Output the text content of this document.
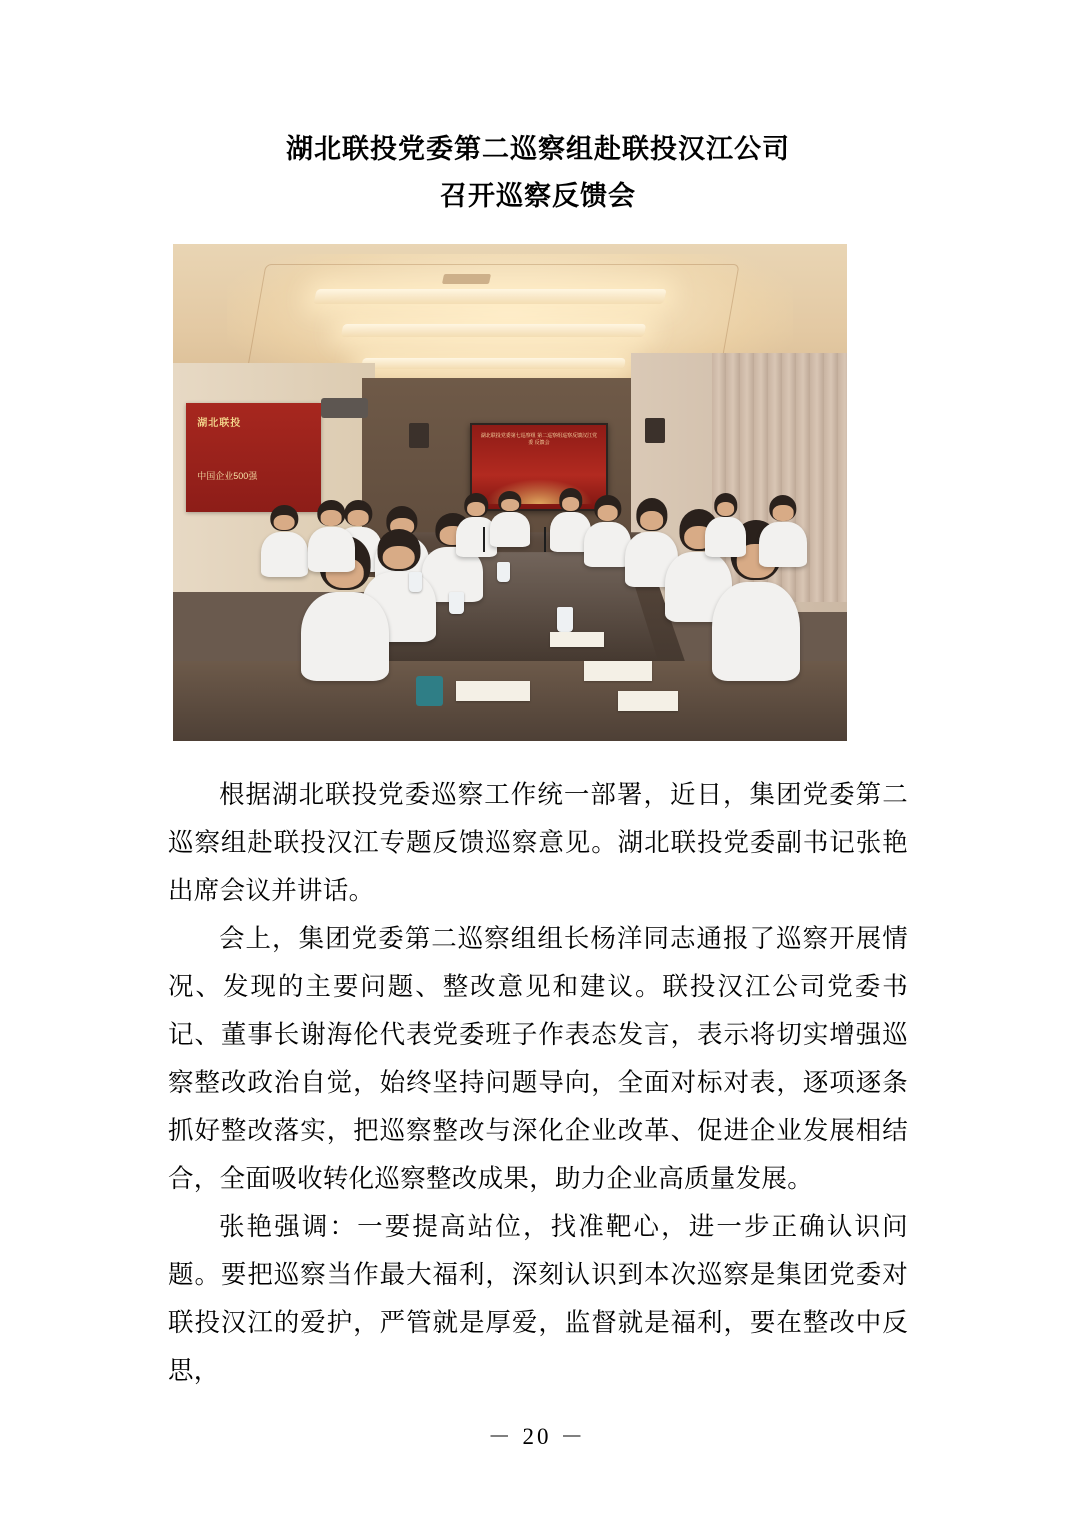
湖北联投党委第二巡察组赴联投汉江公司
召开巡察反馈会
湖北联投
中国企业500强
湖北联投党委第七巡察组 第二巡察组巡察反馈汉江党委 反馈会

根据湖北联投党委巡察工作统一部署，近日，集团党委第二巡察组赴联投汉江专题反馈巡察意见。湖北联投党委副书记张艳出席会议并讲话。

会上，集团党委第二巡察组组长杨洋同志通报了巡察开展情况、发现的主要问题、整改意见和建议。联投汉江公司党委书记、董事长谢海伦代表党委班子作表态发言，表示将切实增强巡察整改政治自觉，始终坚持问题导向，全面对标对表，逐项逐条抓好整改落实，把巡察整改与深化企业改革、促进企业发展相结合，全面吸收转化巡察整改成果，助力企业高质量发展。

张艳强调：一要提高站位，找准靶心，进一步正确认识问题。要把巡察当作最大福利，深刻认识到本次巡察是集团党委对联投汉江的爱护，严管就是厚爱，监督就是福利，要在整改中反思，

－ 20 －
